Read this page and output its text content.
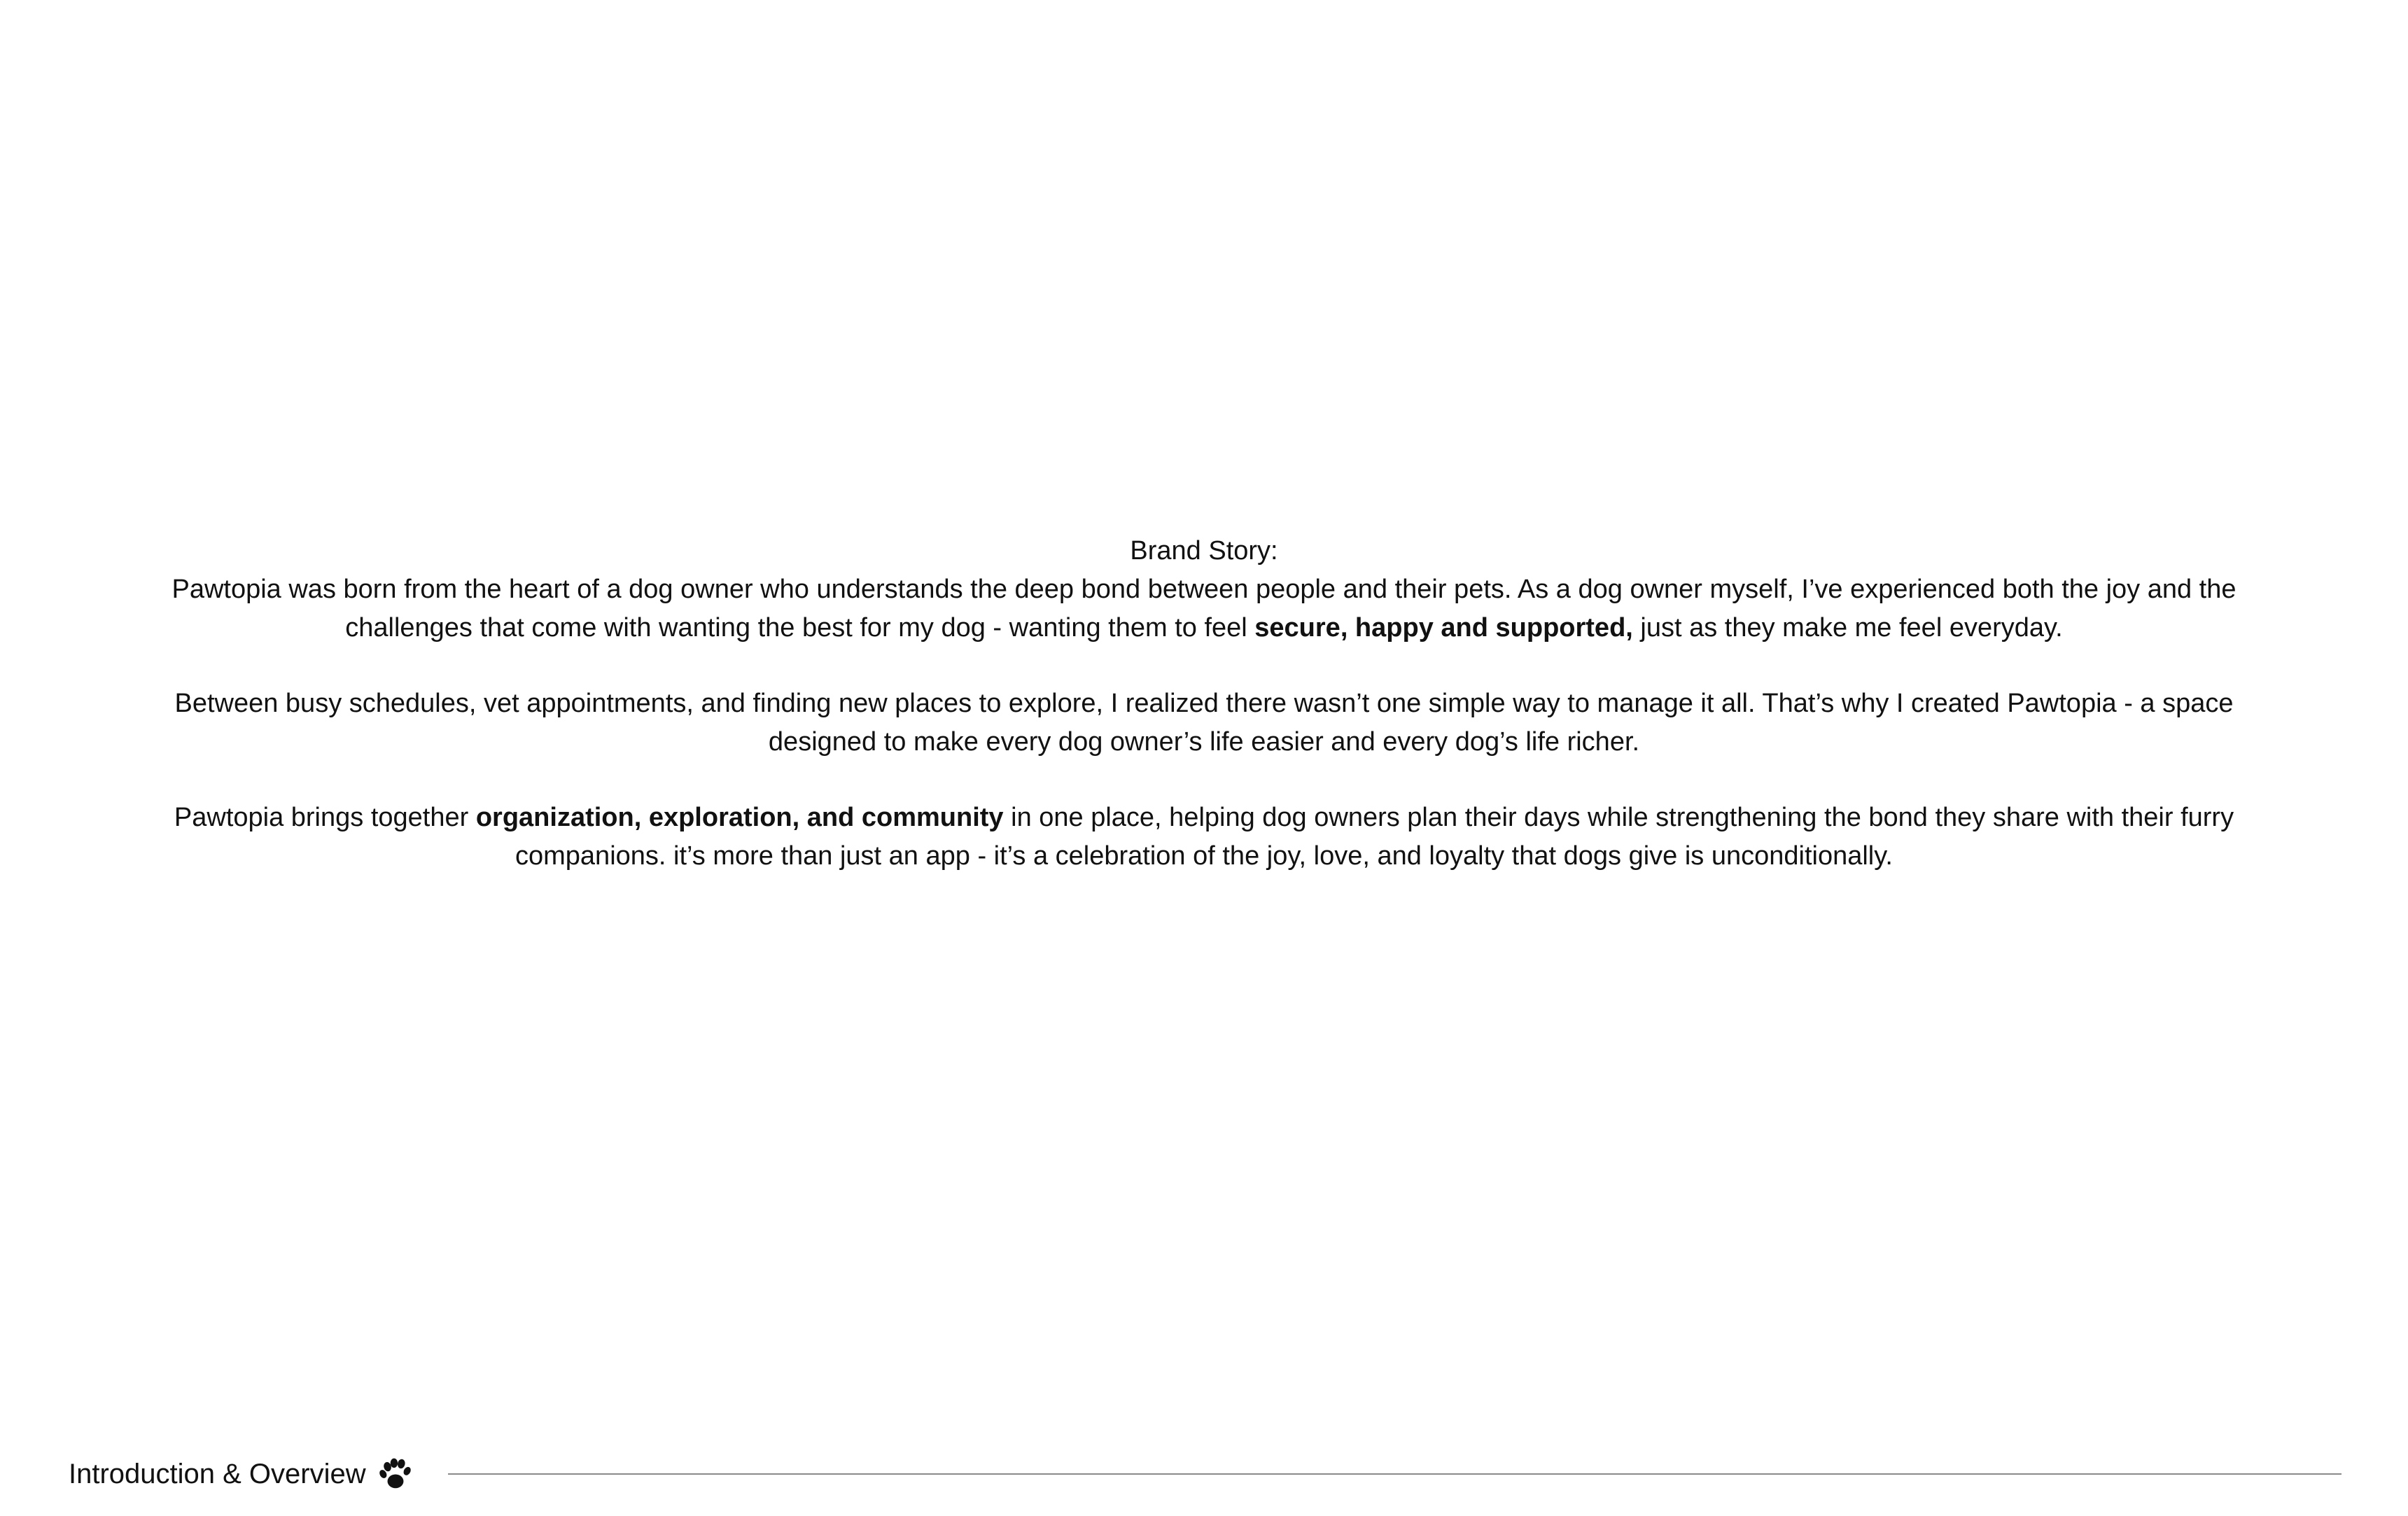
Brand Story:

Pawtopia was born from the heart of a dog owner who understands the deep bond between people and their pets. As a dog owner myself, I’ve experienced both the joy and the challenges that come with wanting the best for my dog - wanting them to feel secure, happy and supported, just as they make me feel everyday.

Between busy schedules, vet appointments, and finding new places to explore, I realized there wasn’t one simple way to manage it all. That’s why I created Pawtopia - a space designed to make every dog owner’s life easier and every dog’s life richer.

Pawtopia brings together organization, exploration, and community in one place, helping dog owners plan their days while strengthening the bond they share with their furry companions. it’s more than just an app - it’s a celebration of the joy, love, and loyalty that dogs give is unconditionally.

Introduction & Overview
